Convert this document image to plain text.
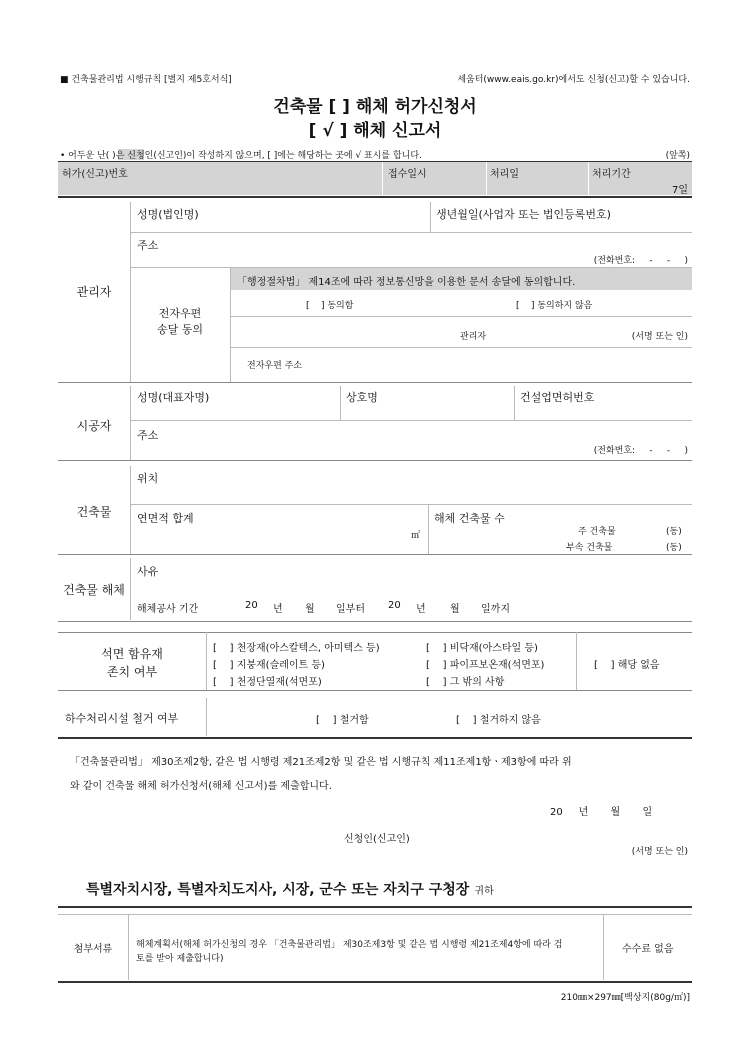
■ 건축물관리법 시행규칙 [별지 제5호서식]	세움터(www.eais.go.kr)에서도 신청(신고)할 수 있습니다.
건축물 [ ] 해체 허가신청서
[ √ ] 해체 신고서
• 어두운 난( )은 신청인(신고인)이 작성하지 않으며, [ ]에는 해당하는 곳에 √ 표시를 합니다.	(앞쪽)
허가(신고)번호	접수일시	처리일	처리기간
7일
관리자
성명(법인명)	생년월일(사업자 또는 법인등록번호)
주소
(전화번호:     -     -     )
전자우편
송달 동의
「행정절차법」 제14조에 따라 정보통신망을 이용한 문서 송달에 동의합니다.
[    ] 동의함	[    ] 동의하지 않음
관리자	(서명 또는 인)
전자우편 주소
시공자
성명(대표자명)	상호명	건설업면허번호
주소
(전화번호:     -     -     )
건축물
위치
연면적 합계
㎡
해체 건축물 수
주 건축물	(동)
부속 건축물	(동)
건축물 해체
사유
해체공사 기간	20 년 월 일부터 20 년 월 일까지
석면 함유재
존치 여부
[    ] 천장재(아스칼텍스, 아미텍스 등)
[    ] 지붕재(슬레이트 등)
[    ] 천정단열재(석면포)
[    ] 비닥재(아스타일 등)
[    ] 파이프보온재(석면포)
[    ] 그 밖의 사항
[    ] 해당 없음
하수처리시설 철거 여부	[    ] 철거함	[    ] 철거하지 않음
「건축물관리법」 제30조제2항, 같은 법 시행령 제21조제2항 및 같은 법 시행규칙 제11조제1항ㆍ제3항에 따라 위
와 같이 건축물 해체 허가신청서(해체 신고서)를 제출합니다.
20     년       월       일
신청인(신고인)
(서명 또는 인)
특별자치시장, 특별자치도지사, 시장, 군수 또는 자치구 구청장 귀하
첨부서류	해체계획서(해체 허가신청의 경우 「건축물관리법」 제30조제3항 및 같은 법 시행령 제21조제4항에 따라 검
토를 받아 제출합니다)
수수료 없음
210㎜×297㎜[백상지(80g/㎡)]
